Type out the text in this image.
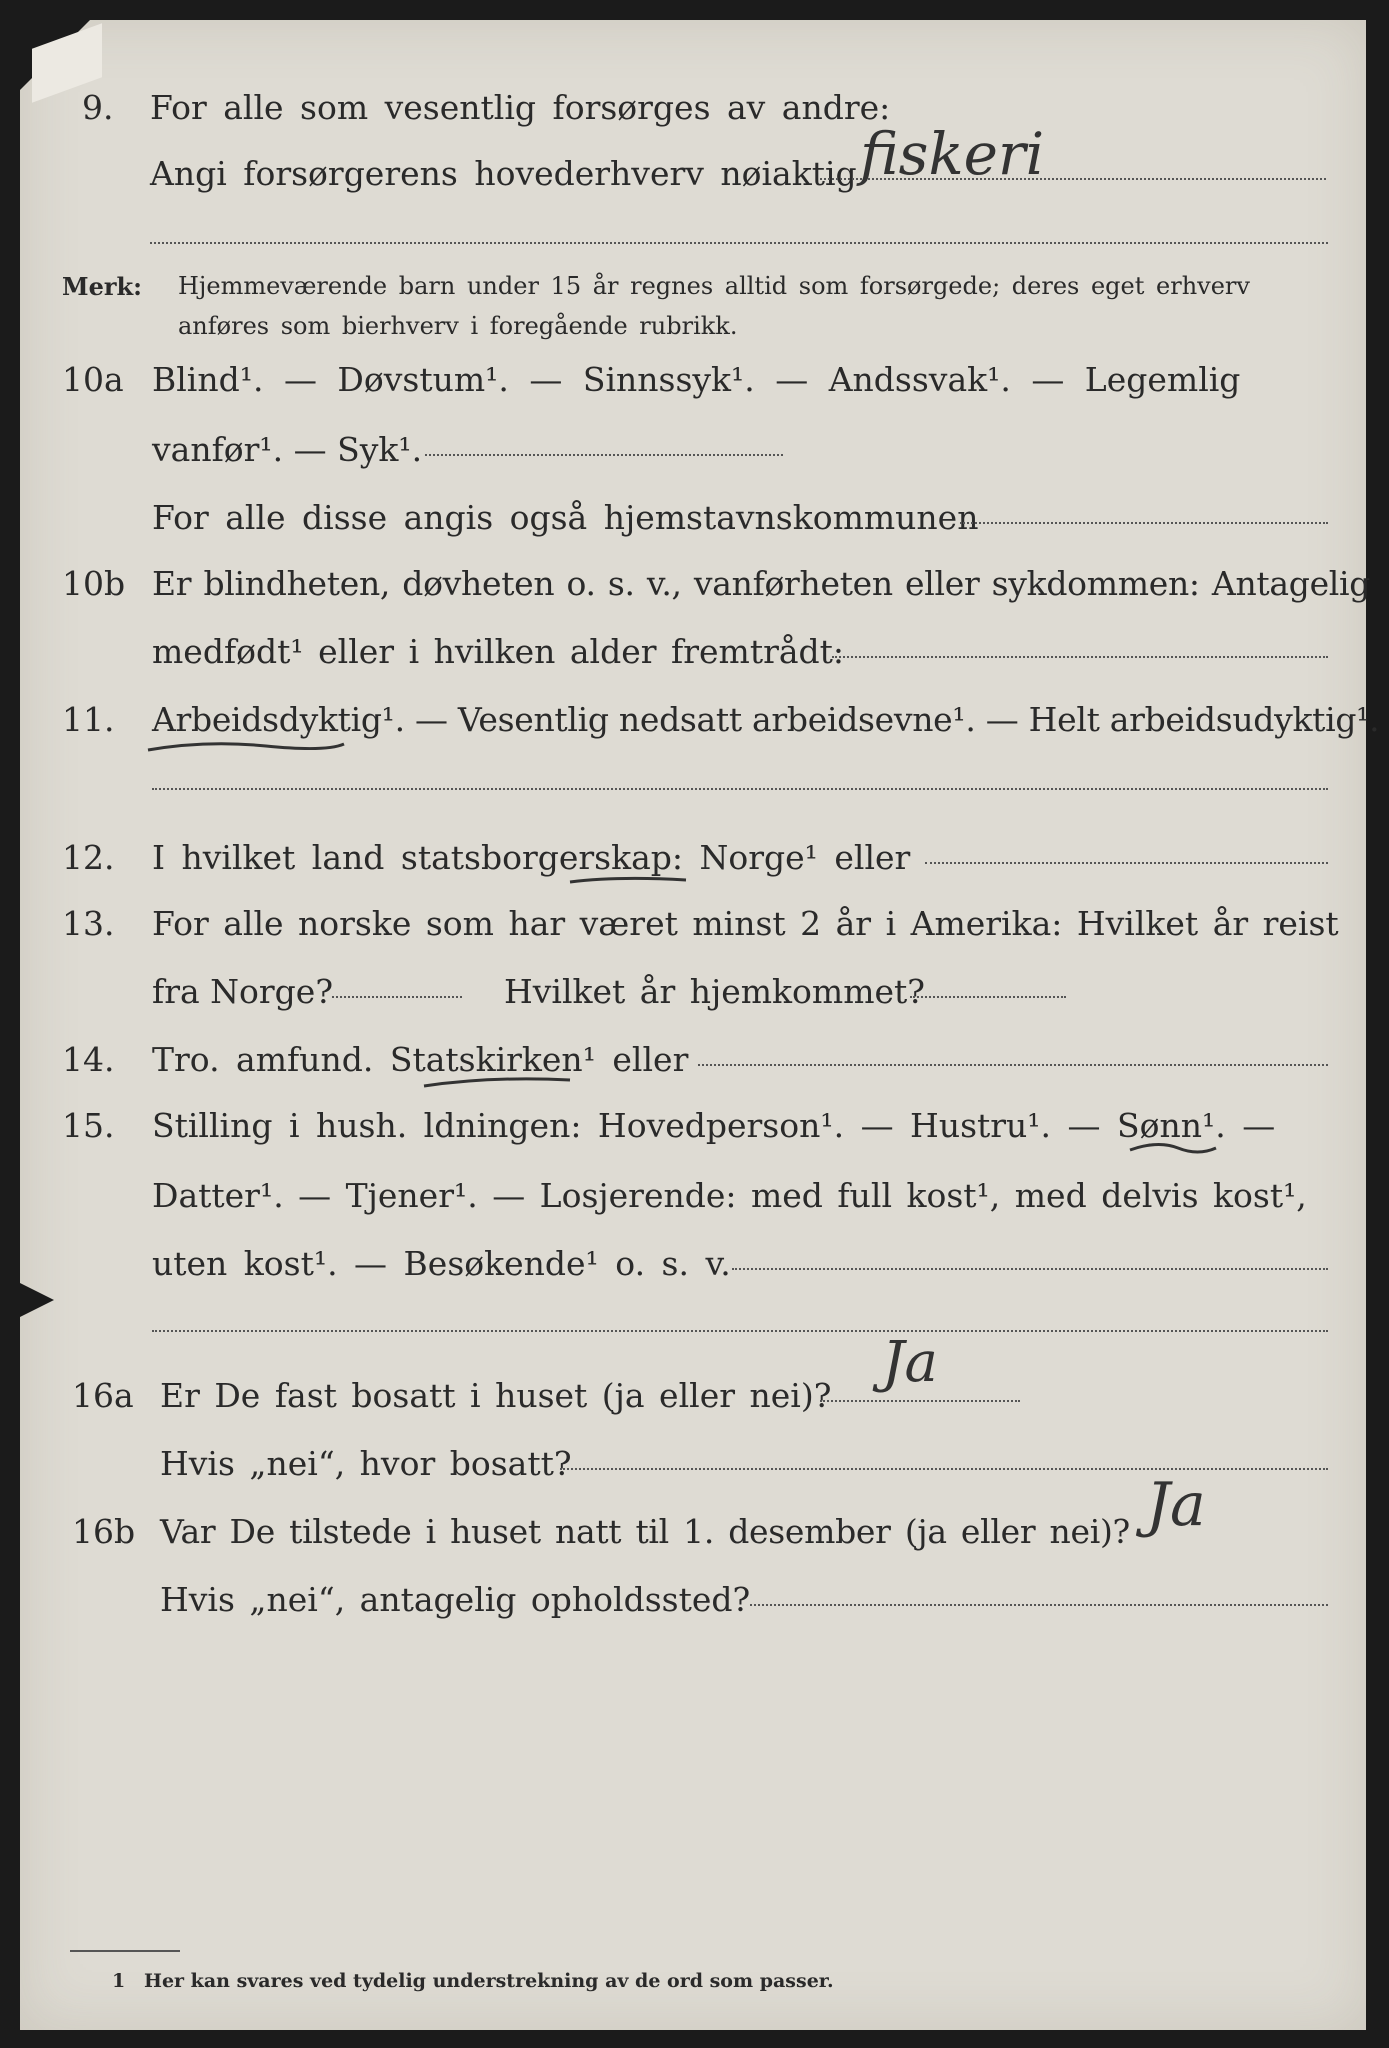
9. For alle som vesentlig forsørges av andre:
Angi forsørgerens hovederhverv nøiaktig fiskeri
Merk: Hjemmeværende barn under 15 år regnes alltid som forsørgede; deres eget erhverv
anføres som bierhverv i foregående rubrikk.
10a Blind¹. — Døvstum¹. — Sinnssyk¹. — Andssvak¹. — Legemlig
vanfør¹. — Syk¹.
For alle disse angis også hjemstavnskommunen
10b Er blindheten, døvheten o. s. v., vanførheten eller sykdommen: Antagelig
medfødt¹ eller i hvilken alder fremtrådt:
11. Arbeidsdyktig¹. — Vesentlig nedsatt arbeidsevne¹. — Helt arbeidsudyktig¹.
12. I hvilket land statsborgerskap: Norge¹ eller
13. For alle norske som har været minst 2 år i Amerika: Hvilket år reist
fra Norge?	Hvilket år hjemkommet?
14. Tro. amfund. Statskirken¹ eller
15. Stilling i hush. ldningen: Hovedperson¹. — Hustru¹. — Sønn¹. —
Datter¹. — Tjener¹. — Losjerende: med full kost¹, med delvis kost¹,
uten kost¹. — Besøkende¹ o. s. v.
16a Er De fast bosatt i huset (ja eller nei)?
Ja
Hvis „nei“, hvor bosatt?
16b Var De tilstede i huset natt til 1. desember (ja eller nei)? Ja
Hvis „nei“, antagelig opholdssted?
1 Her kan svares ved tydelig understrekning av de ord som passer.
